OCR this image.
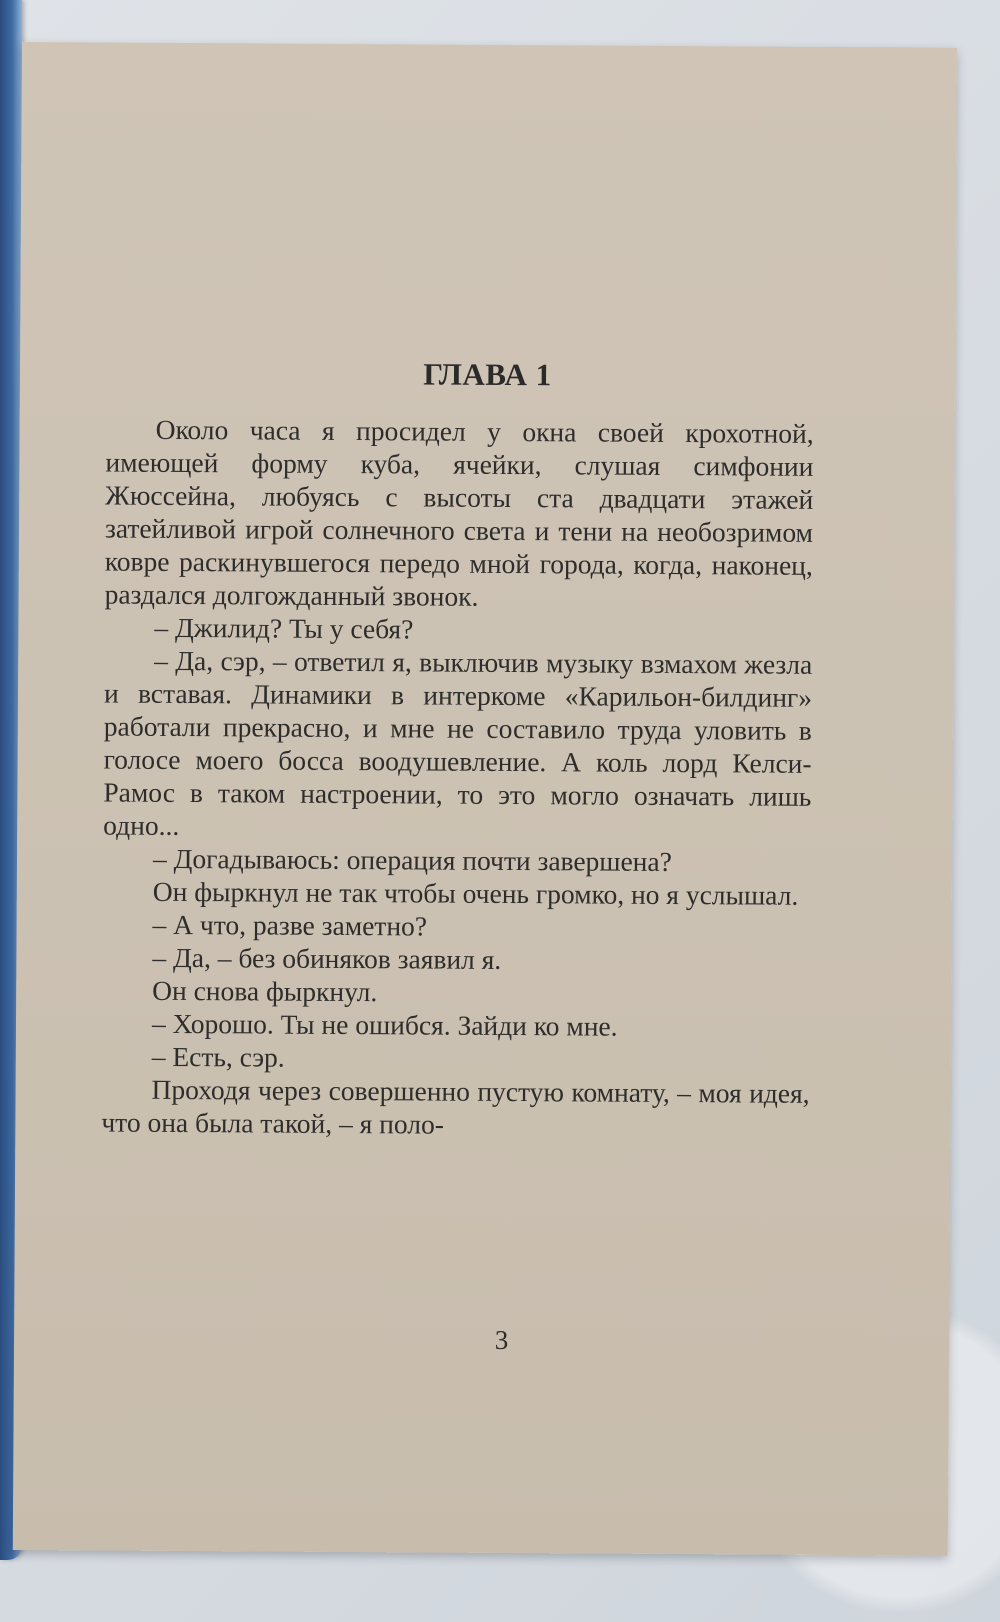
ГЛАВА 1

Около часа я просидел у окна своей крохотной, имеющей форму куба, ячейки, слушая симфонии Жюссейна, любуясь с высоты ста двадцати этажей затейливой игрой солнечного света и тени на необозримом ковре раскинувшегося передо мной города, когда, наконец, раздался долгожданный звонок.

– Джилид? Ты у себя?

– Да, сэр, – ответил я, выключив музыку взмахом жезла и вставая. Динамики в интеркоме «Карильон-билдинг» работали прекрасно, и мне не составило труда уловить в голосе моего босса воодушевление. А коль лорд Келси-Рамос в таком настроении, то это могло означать лишь одно...

– Догадываюсь: операция почти завершена?

Он фыркнул не так чтобы очень громко, но я услышал.

– А что, разве заметно?

– Да, – без обиняков заявил я.

Он снова фыркнул.

– Хорошо. Ты не ошибся. Зайди ко мне.

– Есть, сэр.

Проходя через совершенно пустую комнату, – моя идея, что она была такой, – я поло-

3
